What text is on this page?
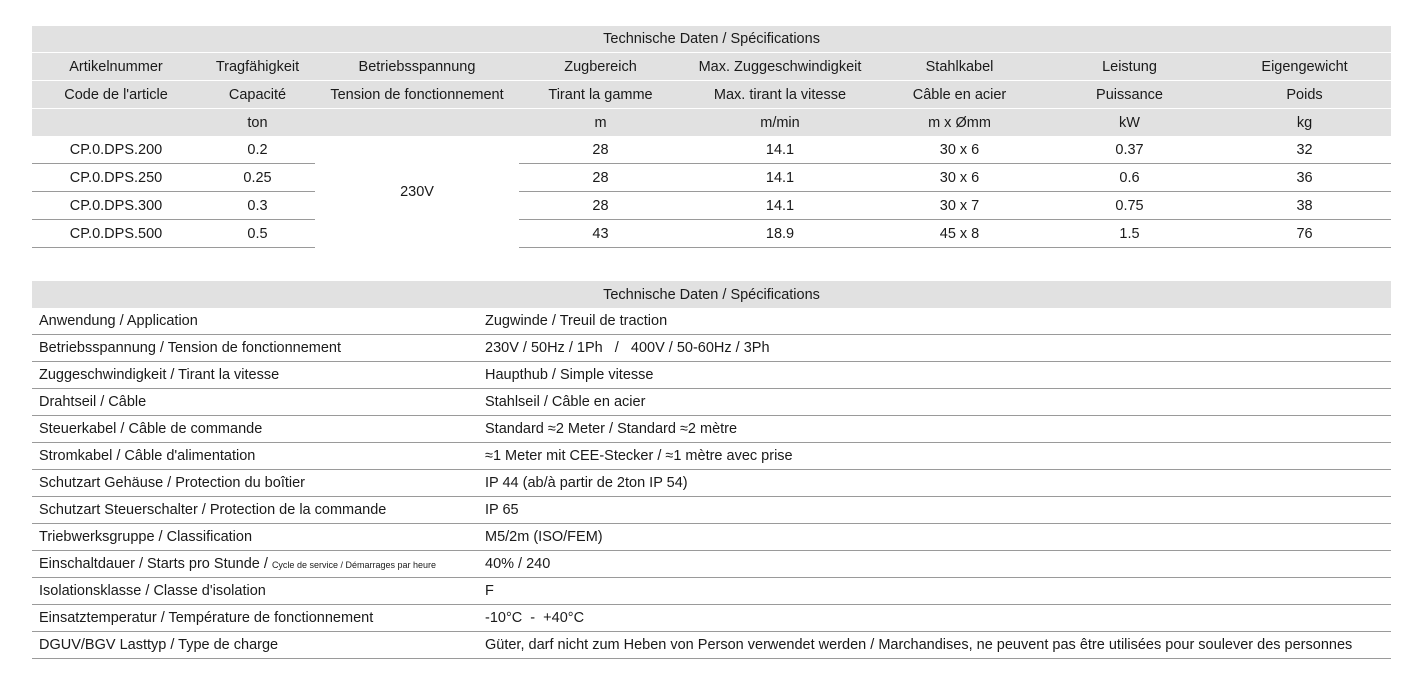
Technische Daten / Spécifications							
Artikelnummer	Tragfähigkeit	Betriebsspannung	Zugbereich	Max. Zuggeschwindigkeit	Stahlkabel	Leistung	Eigengewicht
Code de l'article	Capacité	Tension de fonctionnement	Tirant la gamme	Max. tirant la vitesse	Câble en acier	Puissance	Poids
	ton		m	m/min	m x Ømm	kW	kg
CP.0.DPS.200	0.2	230V	28	14.1	30 x 6	0.37	32
CP.0.DPS.250	0.25		28	14.1	30 x 6	0.6	36
CP.0.DPS.300	0.3		28	14.1	30 x 7	0.75	38
CP.0.DPS.500	0.5		43	18.9	45 x 8	1.5	76
Technische Daten / Spécifications	
Anwendung / Application	Zugwinde / Treuil de traction
Betriebsspannung / Tension de fonctionnement	230V / 50Hz / 1Ph   /   400V / 50-60Hz / 3Ph
Zuggeschwindigkeit / Tirant la vitesse	Haupthub / Simple vitesse
Drahtseil / Câble	Stahlseil / Câble en acier
Steuerkabel / Câble de commande	Standard ≈2 Meter / Standard ≈2 mètre
Stromkabel / Câble d'alimentation	≈1 Meter mit CEE-Stecker / ≈1 mètre avec prise
Schutzart Gehäuse / Protection du boîtier	IP 44 (ab/à partir de 2ton IP 54)
Schutzart Steuerschalter / Protection de la commande	IP 65
Triebwerksgruppe / Classification	M5/2m (ISO/FEM)
Einschaltdauer / Starts pro Stunde / Cycle de service / Démarrages par heure	40% / 240
Isolationsklasse / Classe d'isolation	F
Einsatztemperatur / Température de fonctionnement	-10°C  -  +40°C
DGUV/BGV Lasttyp / Type de charge	Güter, darf nicht zum Heben von Person verwendet werden / Marchandises, ne peuvent pas être utilisées pour soulever des personnes
